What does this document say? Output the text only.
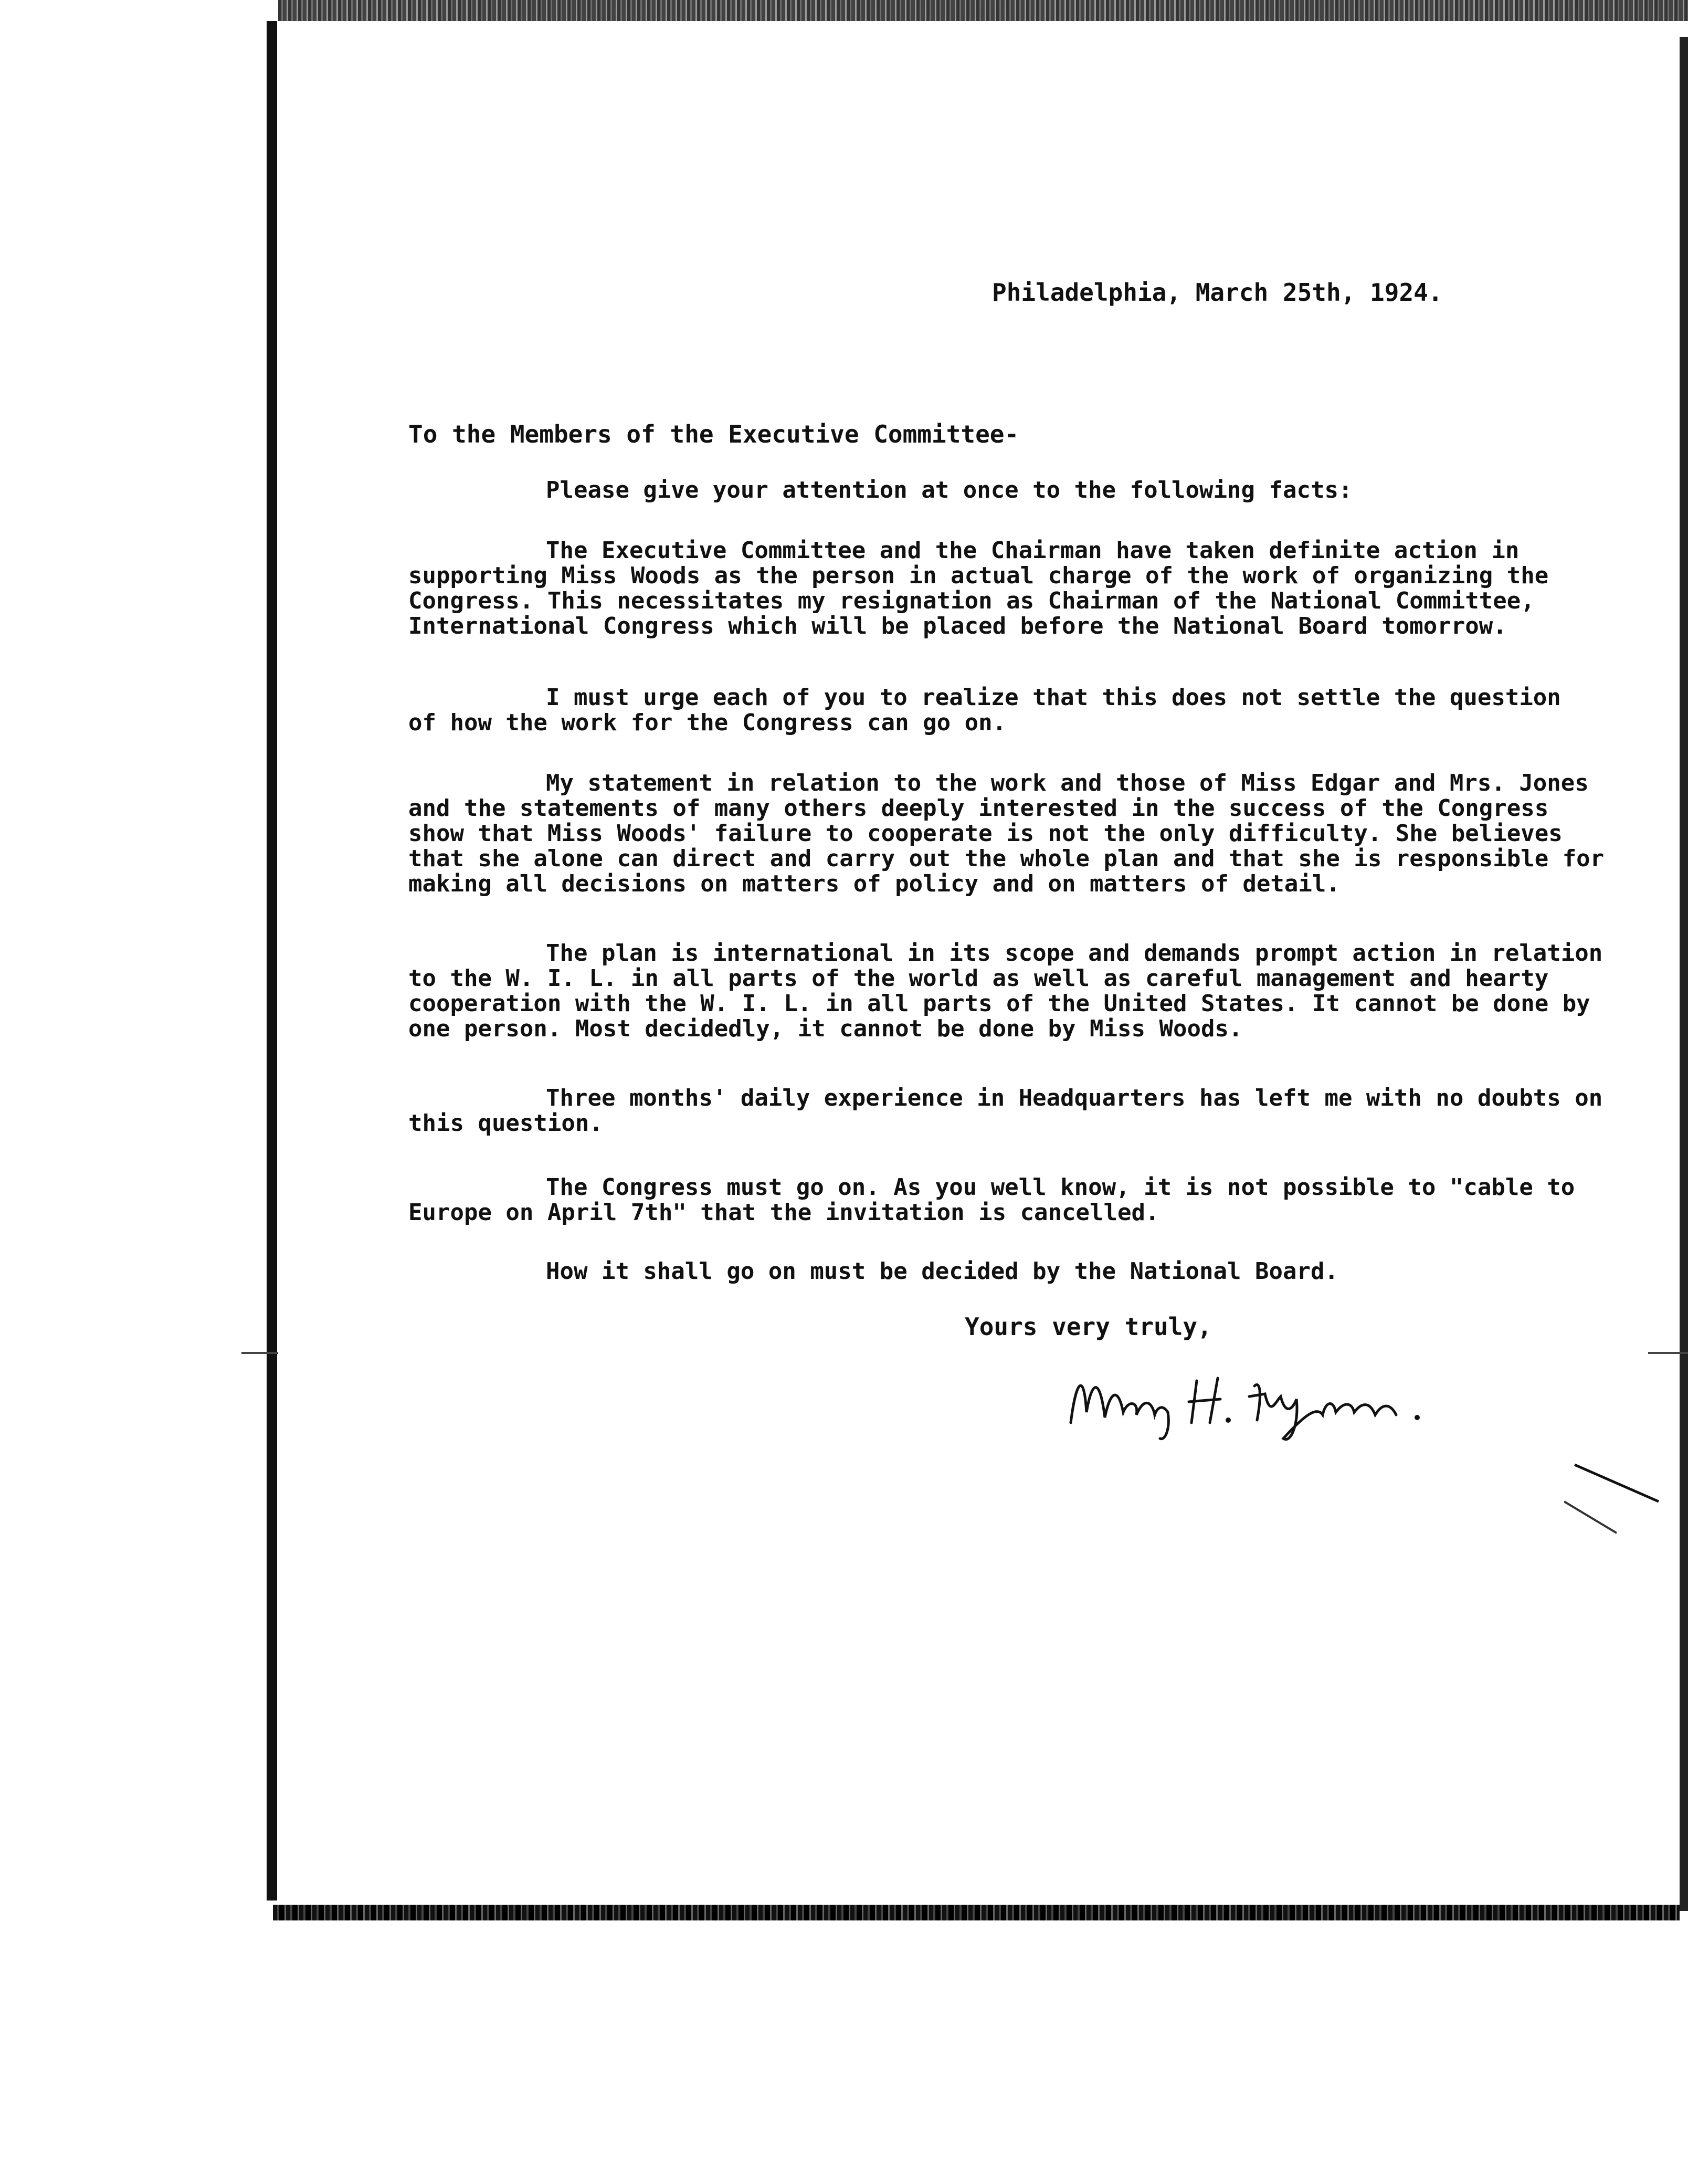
Philadelphia, March 25th, 1924.
To the Members of the Executive Committee-
Please give your attention at once to the following facts:
The Executive Committee and the Chairman have taken definite action in
supporting Miss Woods as the person in actual charge of the work of organizing the
Congress. This necessitates my resignation as Chairman of the National Committee,
International Congress which will be placed before the National Board tomorrow.
I must urge each of you to realize that this does not settle the question
of how the work for the Congress can go on.
My statement in relation to the work and those of Miss Edgar and Mrs. Jones
and the statements of many others deeply interested in the success of the Congress
show that Miss Woods' failure to cooperate is not the only difficulty. She believes
that she alone can direct and carry out the whole plan and that she is responsible for
making all decisions on matters of policy and on matters of detail.
The plan is international in its scope and demands prompt action in relation
to the W. I. L. in all parts of the world as well as careful management and hearty
cooperation with the W. I. L. in all parts of the United States. It cannot be done by
one person. Most decidedly, it cannot be done by Miss Woods.
Three months' daily experience in Headquarters has left me with no doubts on
this question.
The Congress must go on. As you well know, it is not possible to "cable to
Europe on April 7th" that the invitation is cancelled.
How it shall go on must be decided by the National Board.
Yours very truly,
